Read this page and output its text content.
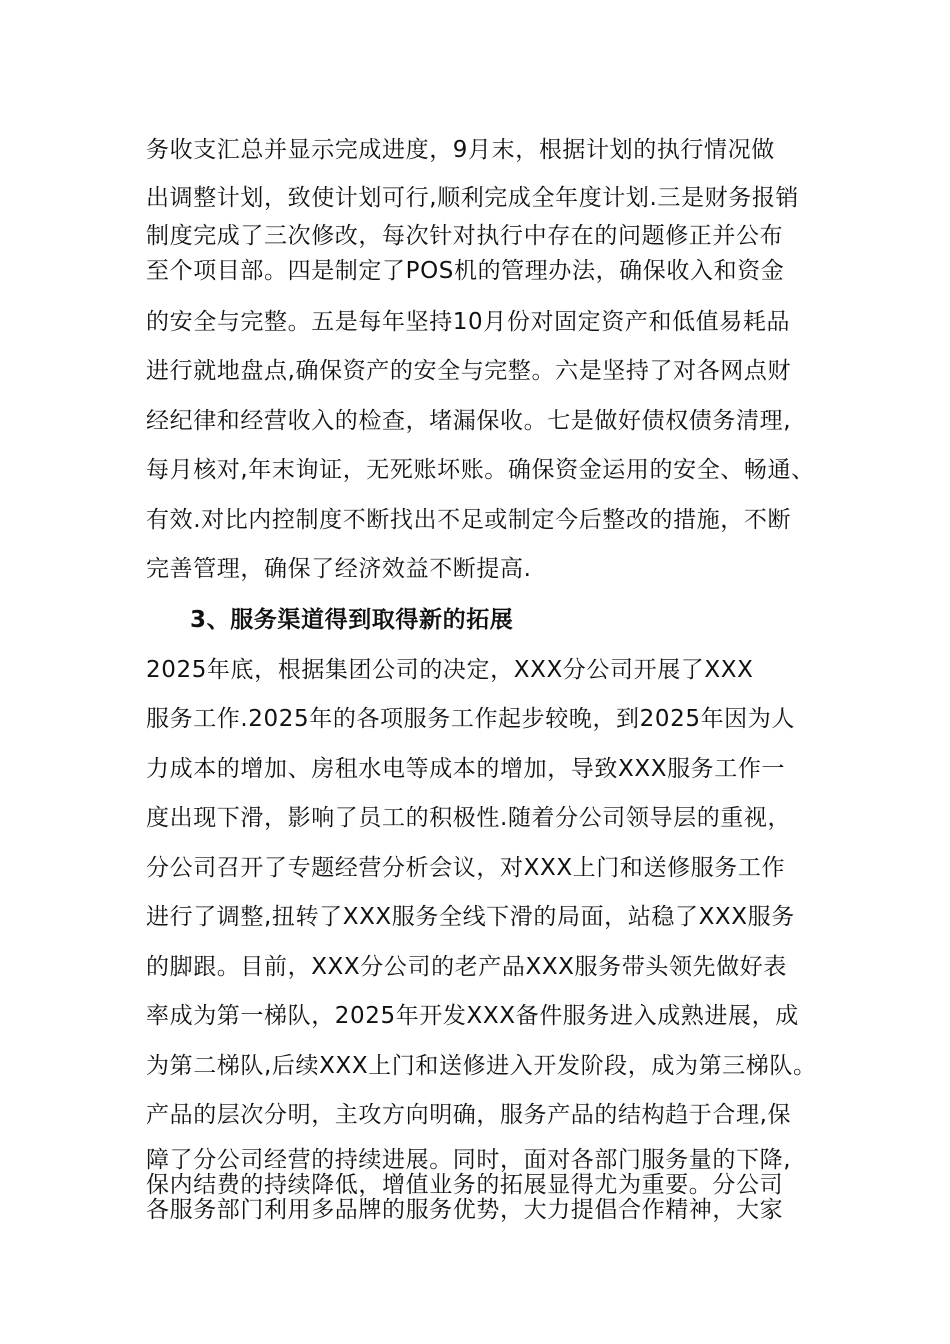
务收支汇总并显示完成进度，9月末，根据计划的执行情况做
出调整计划，致使计划可行,顺利完成全年度计划.三是财务报销
制度完成了三次修改，每次针对执行中存在的问题修正并公布
至个项目部。四是制定了POS机的管理办法，确保收入和资金
的安全与完整。五是每年坚持10月份对固定资产和低值易耗品
进行就地盘点,确保资产的安全与完整。六是坚持了对各网点财
经纪律和经营收入的检查，堵漏保收。七是做好债权债务清理,
每月核对,年末询证，无死账坏账。确保资金运用的安全、畅通、
有效.对比内控制度不断找出不足或制定今后整改的措施，不断
完善管理，确保了经济效益不断提高.
3、服务渠道得到取得新的拓展
2025年底，根据集团公司的决定，XXX分公司开展了XXX
服务工作.2025年的各项服务工作起步较晚，到2025年因为人
力成本的增加、房租水电等成本的增加，导致XXX服务工作一
度出现下滑，影响了员工的积极性.随着分公司领导层的重视，
分公司召开了专题经营分析会议，对XXX上门和送修服务工作
进行了调整,扭转了XXX服务全线下滑的局面，站稳了XXX服务
的脚跟。目前，XXX分公司的老产品XXX服务带头领先做好表
率成为第一梯队，2025年开发XXX备件服务进入成熟进展，成
为第二梯队,后续XXX上门和送修进入开发阶段，成为第三梯队。
产品的层次分明，主攻方向明确，服务产品的结构趋于合理,保
障了分公司经营的持续进展。同时，面对各部门服务量的下降,
保内结费的持续降低，增值业务的拓展显得尤为重要。分公司
各服务部门利用多品牌的服务优势，大力提倡合作精神，大家
